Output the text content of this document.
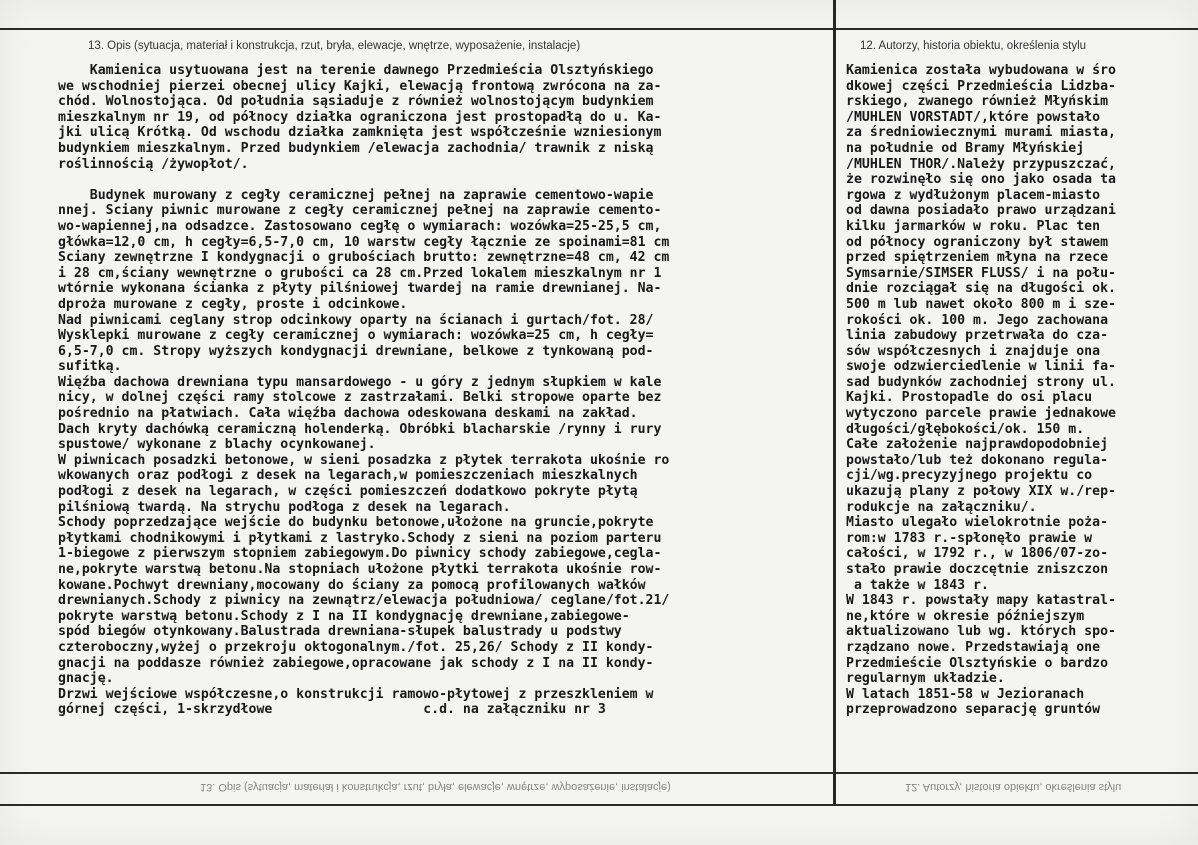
13. Opis (sytuacja, materiał i konstrukcja, rzut, bryła, elewacje, wnętrze, wyposażenie, instalacje)	12. Autorzy, historia obiektu, określenia stylu
Kamienica usytuowana jest na terenie dawnego Przedmieścia Olsztyńskiego
we wschodniej pierzei obecnej ulicy Kajki, elewacją frontową zwrócona na za-
chód. Wolnostojąca. Od południa sąsiaduje z również wolnostojącym budynkiem
mieszkalnym nr 19, od północy działka ograniczona jest prostopadłą do u. Ka-
jki ulicą Krótką. Od wschodu działka zamknięta jest współcześnie wzniesionym
budynkiem mieszkalnym. Przed budynkiem /elewacja zachodnia/ trawnik z niską
roślinnością /żywopłot/.
Budynek murowany z cegły ceramicznej pełnej na zaprawie cementowo-wapie
nnej. Sciany piwnic murowane z cegły ceramicznej pełnej na zaprawie cemento-
wo-wapiennej,na odsadzce. Zastosowano cegłę o wymiarach: wozówka=25-25,5 cm,
główka=12,0 cm, h cegły=6,5-7,0 cm, 10 warstw cegły łącznie ze spoinami=81 cm
Sciany zewnętrzne I kondygnacji o grubościach brutto: zewnętrzne=48 cm, 42 cm
i 28 cm,ściany wewnętrzne o grubości ca 28 cm.Przed lokalem mieszkalnym nr 1
wtórnie wykonana ścianka z płyty pilśniowej twardej na ramie drewnianej. Na-
dproża murowane z cegły, proste i odcinkowe.
Nad piwnicami ceglany strop odcinkowy oparty na ścianach i gurtach/fot. 28/
Wysklepki murowane z cegły ceramicznej o wymiarach: wozówka=25 cm, h cegły=
6,5-7,0 cm. Stropy wyższych kondygnacji drewniane, belkowe z tynkowaną pod-
sufitką.
Więźba dachowa drewniana typu mansardowego - u góry z jednym słupkiem w kale
nicy, w dolnej części ramy stolcowe z zastrzałami. Belki stropowe oparte bez
pośrednio na płatwiach. Cała więźba dachowa odeskowana deskami na zakład.
Dach kryty dachówką ceramiczną holenderką. Obróbki blacharskie /rynny i rury
spustowe/ wykonane z blachy ocynkowanej.
W piwnicach posadzki betonowe, w sieni posadzka z płytek terrakota ukośnie ro
wkowanych oraz podłogi z desek na legarach,w pomieszczeniach mieszkalnych
podłogi z desek na legarach, w części pomieszczeń dodatkowo pokryte płytą
pilśniową twardą. Na strychu podłoga z desek na legarach.
Schody poprzedzające wejście do budynku betonowe,ułożone na gruncie,pokryte
płytkami chodnikowymi i płytkami z lastryko.Schody z sieni na poziom parteru
1-biegowe z pierwszym stopniem zabiegowym.Do piwnicy schody zabiegowe,cegla-
ne,pokryte warstwą betonu.Na stopniach ułożone płytki terrakota ukośnie row-
kowane.Pochwyt drewniany,mocowany do ściany za pomocą profilowanych wałków
drewnianych.Schody z piwnicy na zewnątrz/elewacja południowa/ ceglane/fot.21/
pokryte warstwą betonu.Schody z I na II kondygnację drewniane,zabiegowe-
spód biegów otynkowany.Balustrada drewniana-słupek balustrady u podstwy
czteroboczny,wyżej o przekroju oktogonalnym./fot. 25,26/ Schody z II kondy-
gnacji na poddasze również zabiegowe,opracowane jak schody z I na II kondy-
gnację.
Drzwi wejściowe współczesne,o konstrukcji ramowo-płytowej z przeszkleniem w
górnej części, 1-skrzydłowe                   c.d. na załączniku nr 3
Kamienica została wybudowana w śro
dkowej części Przedmieścia Lidzba-
rskiego, zwanego również Młyńskim
/MUHLEN VORSTADT/,które powstało
za średniowiecznymi murami miasta,
na południe od Bramy Młyńskiej
/MUHLEN THOR/.Należy przypuszczać,
że rozwinęło się ono jako osada ta
rgowa z wydłużonym placem-miasto
od dawna posiadało prawo urządzani
kilku jarmarków w roku. Plac ten
od północy ograniczony był stawem
przed spiętrzeniem młyna na rzece
Symsarnie/SIMSER FLUSS/ i na połu-
dnie rozciągał się na długości ok.
500 m lub nawet około 800 m i sze-
rokości ok. 100 m. Jego zachowana
linia zabudowy przetrwała do cza-
sów współczesnych i znajduje ona
swoje odzwierciedlenie w linii fa-
sad budynków zachodniej strony ul.
Kajki. Prostopadle do osi placu
wytyczono parcele prawie jednakowe
długości/głębokości/ok. 150 m.
Całe założenie najprawdopodobniej
powstało/lub też dokonano regula-
cji/wg.precyzyjnego projektu co
ukazują plany z połowy XIX w./rep-
rodukcje na załączniku/.
Miasto ulegało wielokrotnie poża-
rom:w 1783 r.-spłonęło prawie w
całości, w 1792 r., w 1806/07-zo-
stało prawie doczcętnie zniszczon
a także w 1843 r.
W 1843 r. powstały mapy katastral-
ne,które w okresie późniejszym
aktualizowano lub wg. których spo-
rządzano nowe. Przedstawiają one
Przedmieście Olsztyńskie o bardzo
regularnym układzie.
W latach 1851-58 w Jezioranach
przeprowadzono separację gruntów
13. Opis (sytuacja, materiał i konstrukcja, rzut, bryła, elewacje, wnętrze, wyposażenie, instalacje)	12. Autorzy, historia obiektu, określenia stylu
